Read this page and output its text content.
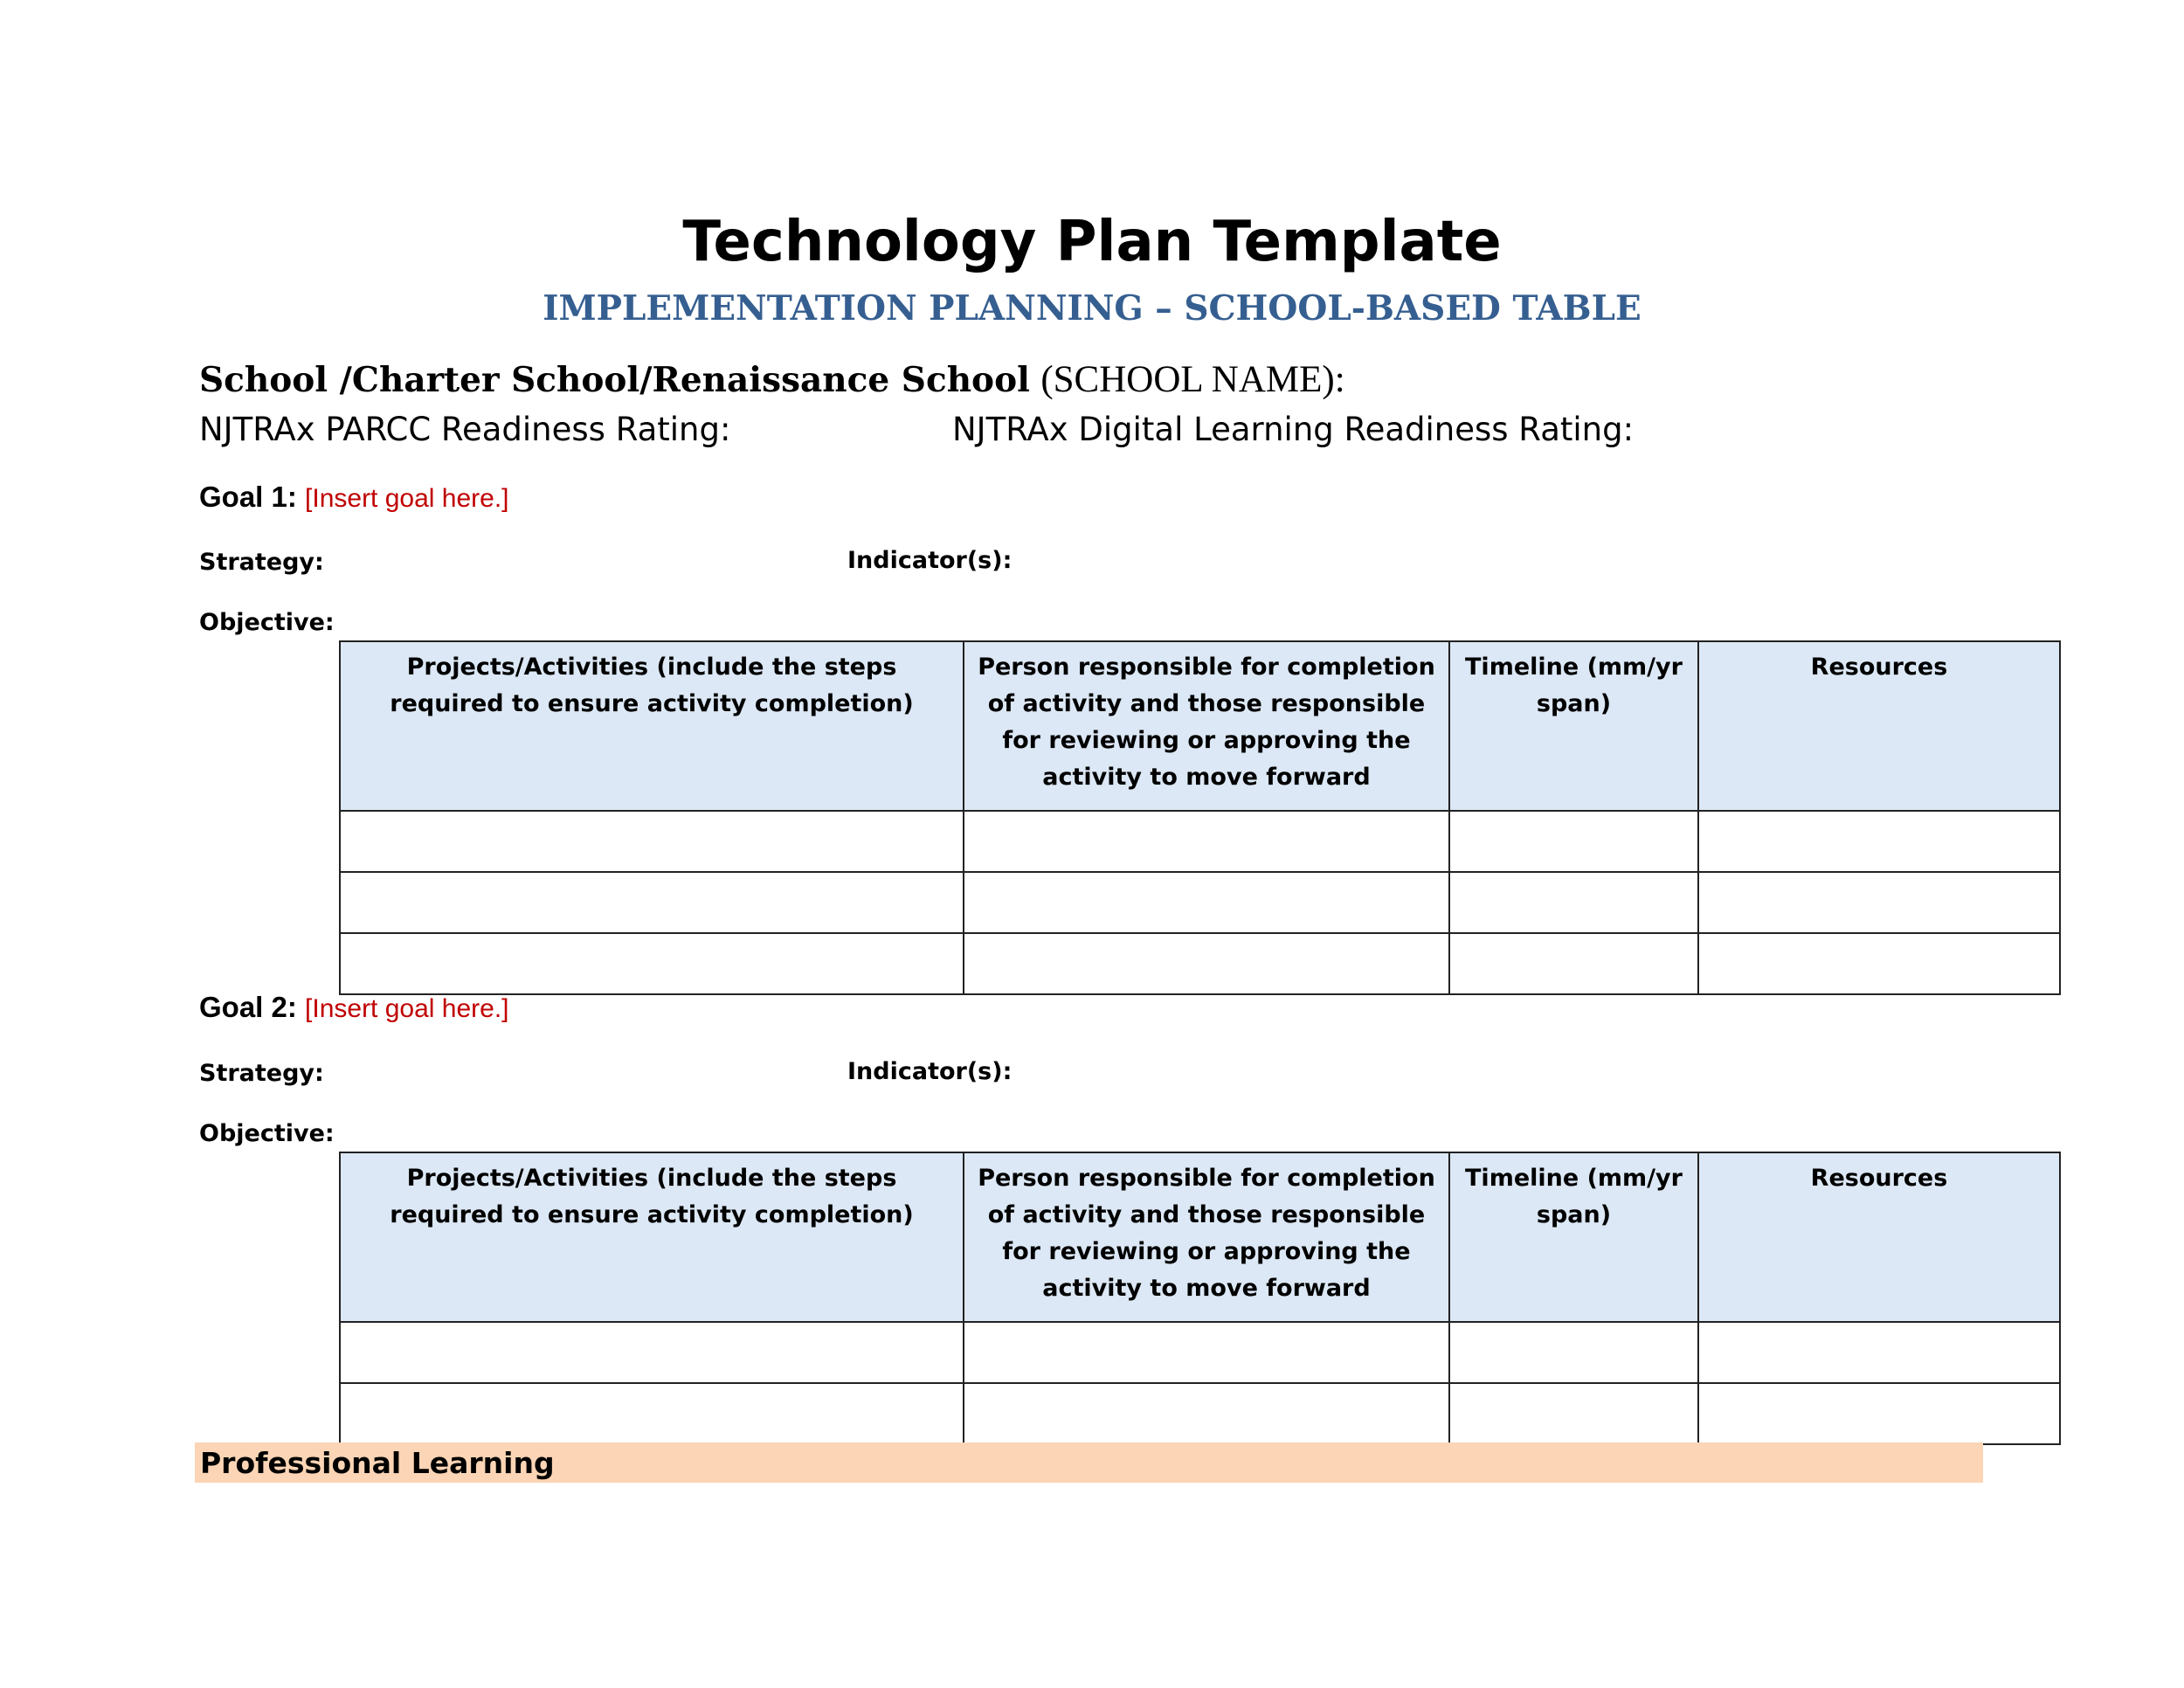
Technology Plan Template
IMPLEMENTATION PLANNING – SCHOOL-BASED TABLE
School /Charter School/Renaissance School (SCHOOL NAME):
NJTRAx PARCC Readiness Rating:	NJTRAx Digital Learning Readiness Rating:
Goal 1: [Insert goal here.]
Strategy:	Indicator(s):
Objective:
Projects/Activities (include the steps required to ensure activity completion)	Person responsible for completion of activity and those responsible for reviewing or approving the activity to move forward	Timeline (mm/yr span)	Resources

Goal 2: [Insert goal here.]
Strategy:	Indicator(s):
Objective:
Projects/Activities (include the steps required to ensure activity completion)	Person responsible for completion of activity and those responsible for reviewing or approving the activity to move forward	Timeline (mm/yr span)	Resources

Professional Learning
